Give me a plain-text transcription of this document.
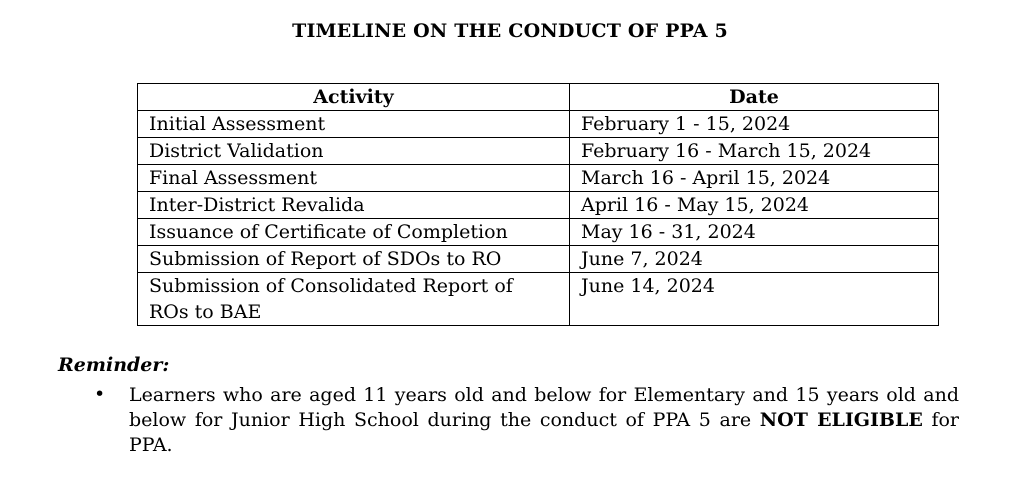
TIMELINE ON THE CONDUCT OF PPA 5
Activity	Date
Initial Assessment	February 1 - 15, 2024
District Validation	February 16 - March 15, 2024
Final Assessment	March 16 - April 15, 2024
Inter-District Revalida	April 16 - May 15, 2024
Issuance of Certificate of Completion	May 16 - 31, 2024
Submission of Report of SDOs to RO	June 7, 2024
Submission of Consolidated Report of ROs to BAE	June 14, 2024
Reminder:
• Learners who are aged 11 years old and below for Elementary and 15 years old and below for Junior High School during the conduct of PPA 5 are NOT ELIGIBLE for PPA.
